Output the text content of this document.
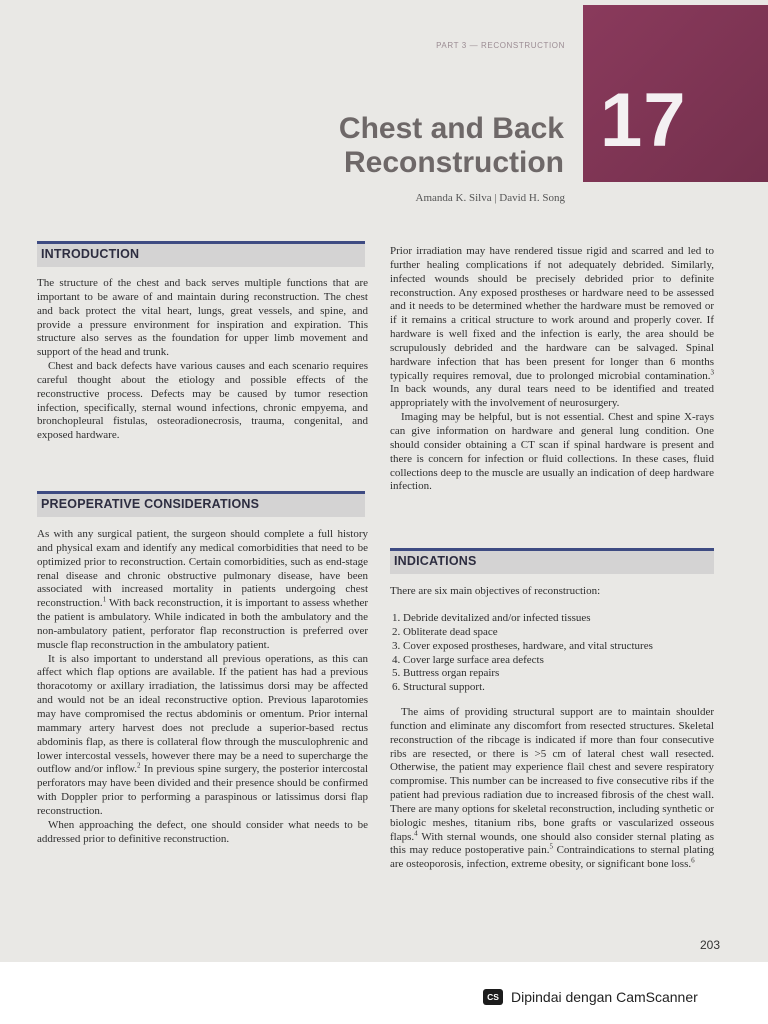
17
PART 3 — RECONSTRUCTION
Chest and Back
Reconstruction
Amanda K. Silva | David H. Song
INTRODUCTION

The structure of the chest and back serves multiple functions that are important to be aware of and maintain during reconstruction. The chest and back protect the vital heart, lungs, great vessels, and spine, and provide a pressure environment for inspiration and expiration. This structure also serves as the foundation for upper limb movement and support of the head and trunk.

Chest and back defects have various causes and each scenario requires careful thought about the etiology and possible effects of the reconstructive process. Defects may be caused by tumor resection infection, specifically, sternal wound infections, chronic empyema, and bronchopleural fistulas, osteoradionecrosis, trauma, congenital, and exposed hardware.

PREOPERATIVE CONSIDERATIONS

As with any surgical patient, the surgeon should complete a full history and physical exam and identify any medical comorbidities that need to be optimized prior to reconstruction. Certain comorbidities, such as end-stage renal disease and chronic obstructive pulmonary disease, have been associated with increased mortality in patients undergoing chest reconstruction.$^1$ With back reconstruction, it is important to assess whether the patient is ambulatory. While indicated in both the ambulatory and the non-ambulatory patient, perforator flap reconstruction is preferred over muscle flap reconstruction in the ambulatory patient.

It is also important to understand all previous operations, as this can affect which flap options are available. If the patient has had a previous thoracotomy or axillary irradiation, the latissimus dorsi may be affected and would not be an ideal reconstructive option. Previous laparotomies may have compromised the rectus abdominis or omentum. Prior internal mammary artery harvest does not preclude a superior-based rectus abdominis flap, as there is collateral flow through the musculophrenic and lower intercostal vessels, however there may be a need to supercharge the outflow and/or inflow.$^2$ In previous spine surgery, the posterior intercostal perforators may have been divided and their presence should be confirmed with Doppler prior to performing a paraspinous or latissimus dorsi flap reconstruction.

When approaching the defect, one should consider what needs to be addressed prior to definitive reconstruction.

Prior irradiation may have rendered tissue rigid and scarred and led to further healing complications if not adequately debrided. Similarly, infected wounds should be precisely debrided prior to definite reconstruction. Any exposed prostheses or hardware need to be assessed and it needs to be determined whether the hardware must be removed or if it remains a critical structure to work around and properly cover. If hardware is well fixed and the infection is early, the area should be scrupulously debrided and the hardware can be salvaged. Spinal hardware infection that has been present for longer than 6 months typically requires removal, due to prolonged microbial contamination.$^3$ In back wounds, any dural tears need to be identified and treated appropriately with the involvement of neurosurgery.

Imaging may be helpful, but is not essential. Chest and spine X-rays can give information on hardware and general lung condition. One should consider obtaining a CT scan if spinal hardware is present and there is concern for infection or fluid collections. In these cases, fluid collections deep to the muscle are usually an indication of deep hardware infection.

INDICATIONS
There are six main objectives of reconstruction:
1. Debride devitalized and/or infected tissues
2. Obliterate dead space
3. Cover exposed prostheses, hardware, and vital structures
4. Cover large surface area defects
5. Buttress organ repairs
6. Structural support.

The aims of providing structural support are to maintain shoulder function and eliminate any discomfort from resected structures. Skeletal reconstruction of the ribcage is indicated if more than four consecutive ribs are resected, or there is >5 cm of lateral chest wall resected. Otherwise, the patient may experience flail chest and severe respiratory compromise. This number can be increased to five consecutive ribs if the patient had previous radiation due to increased fibrosis of the chest wall. There are many options for skeletal reconstruction, including synthetic or biologic meshes, titanium ribs, bone grafts or vascularized osseous flaps.$^4$ With sternal wounds, one should also consider sternal plating as this may reduce postoperative pain.$^5$ Contraindications to sternal plating are osteoporosis, infection, extreme obesity, or significant bone loss.$^6$

203
CS Dipindai dengan CamScanner
